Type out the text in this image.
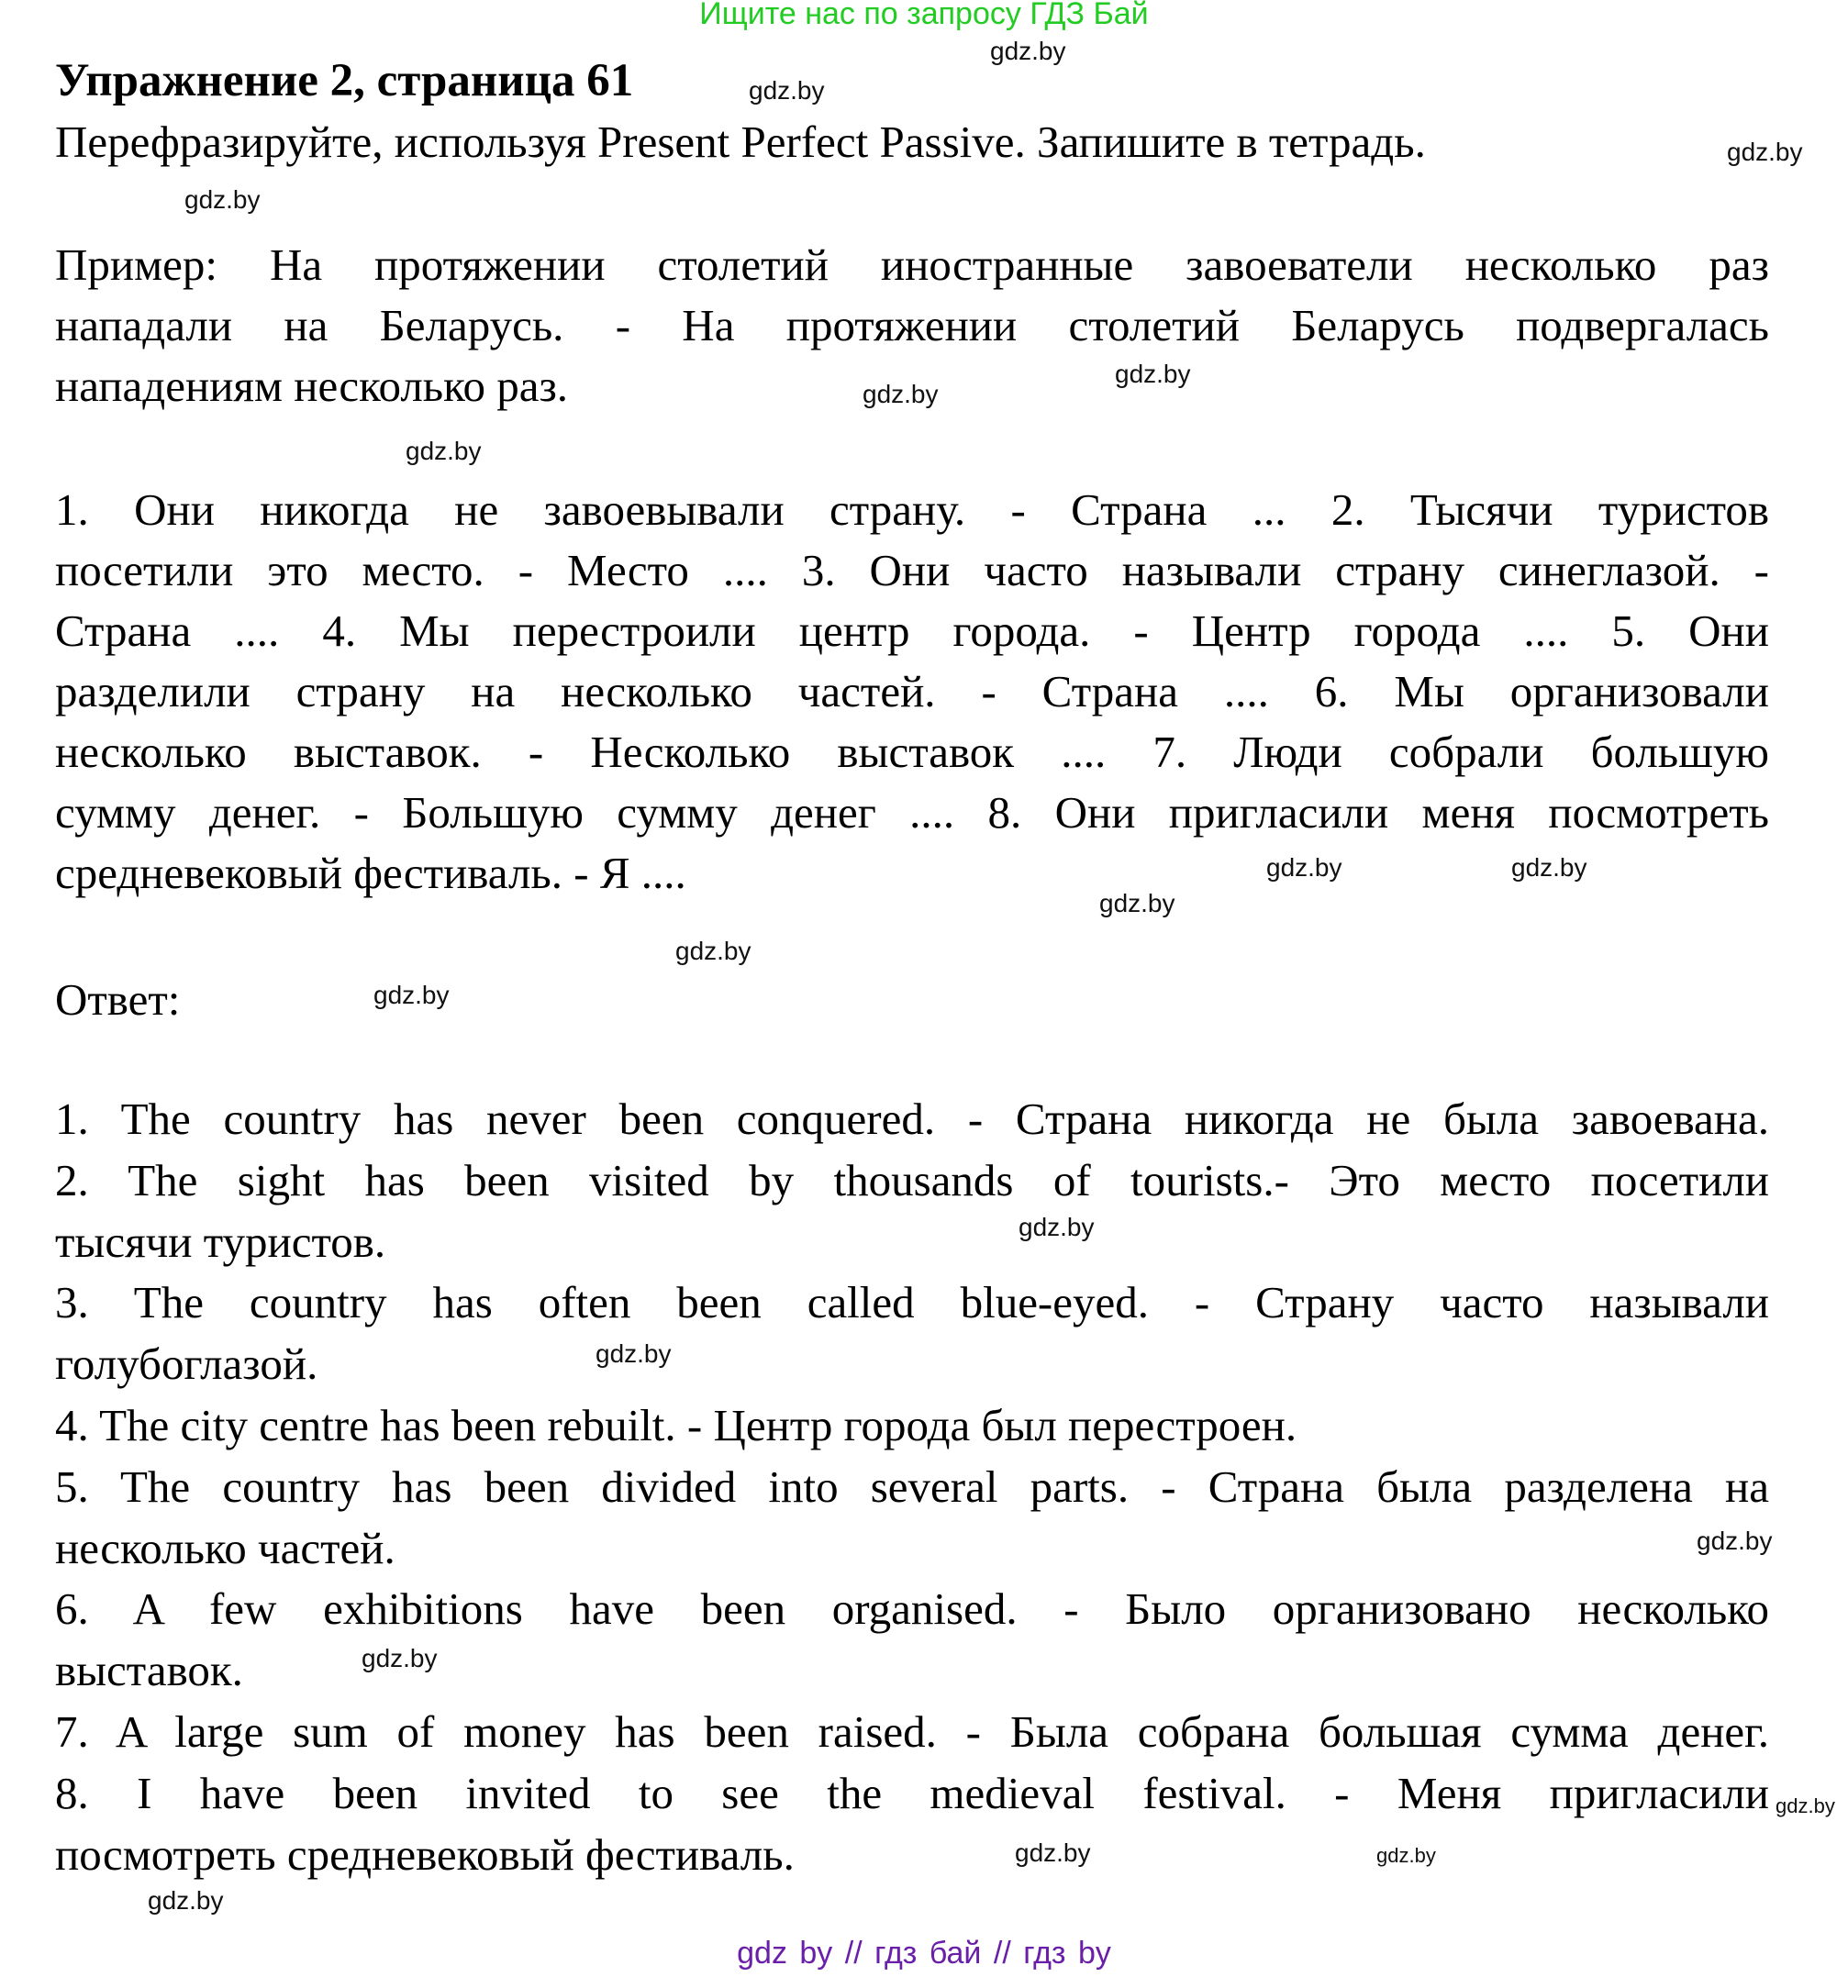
Ищите нас по запросу ГДЗ Бай
Упражнение 2, страница 61
Перефразируйте, используя Present Perfect Passive. Запишите в тетрадь.
Пример: На протяжении столетий иностранные завоеватели несколько раз
нападали на Беларусь. - На протяжении столетий Беларусь подвергалась
нападениям несколько раз.
1. Они никогда не завоевывали страну. - Страна ... 2. Тысячи туристов
посетили это место. - Место .... 3. Они часто называли страну синеглазой. -
Страна .... 4. Мы перестроили центр города. - Центр города .... 5. Они
разделили страну на несколько частей. - Страна .... 6. Мы организовали
несколько выставок. - Несколько выставок .... 7. Люди собрали большую
сумму денег. - Большую сумму денег .... 8. Они пригласили меня посмотреть
средневековый фестиваль. - Я ....
Ответ:
1. The country has never been conquered. - Страна никогда не была завоевана.
2. The sight has been visited by thousands of tourists.- Это место посетили
тысячи туристов.
3. The country has often been called blue-eyed. - Страну часто называли
голубоглазой.
4. The city centre has been rebuilt. - Центр города был перестроен.
5. The country has been divided into several parts. - Страна была разделена на
несколько частей.
6. A few exhibitions have been organised. - Было организовано несколько
выставок.
7. A large sum of money has been raised. - Была собрана большая сумма денег.
8. I have been invited to see the medieval festival. - Меня пригласили
посмотреть средневековый фестиваль.
gdz.by
gdz.by
gdz.by
gdz.by
gdz.by
gdz.by
gdz.by
gdz.by	gdz.by
gdz.by
gdz.by
gdz.by
gdz.by
gdz.by
gdz.by
gdz.by
gdz.by
gdz.by
gdz.by
gdz.by
gdz by // гдз бай // гдз by
